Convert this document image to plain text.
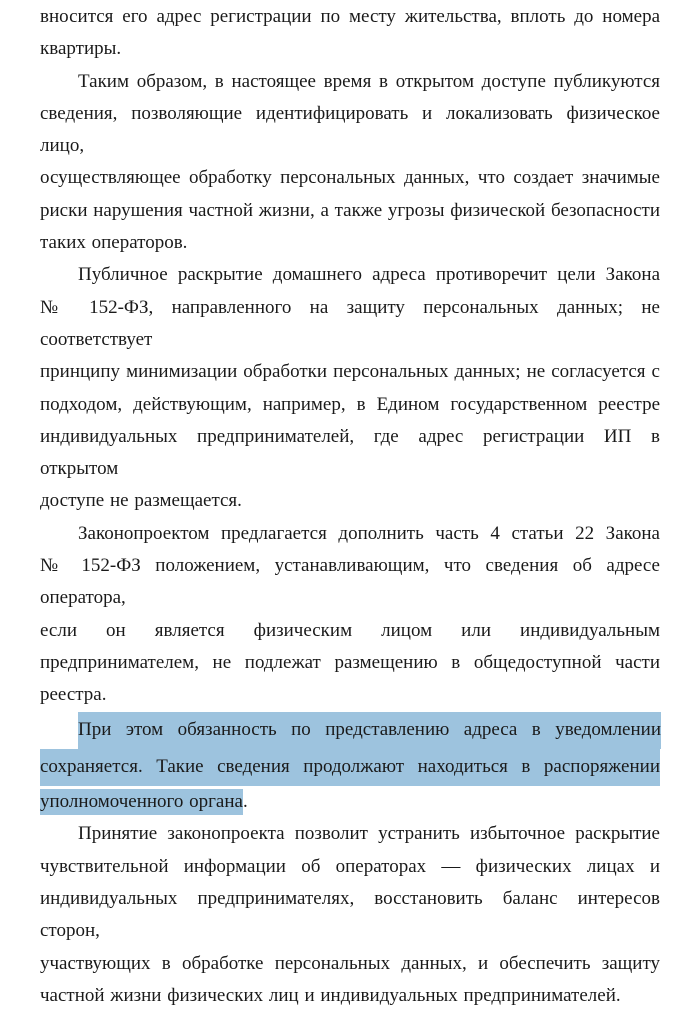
вносится его адрес регистрации по месту жительства, вплоть до номера
квартиры.
Таким образом, в настоящее время в открытом доступе публикуются
сведения, позволяющие идентифицировать и локализовать физическое лицо,
осуществляющее обработку персональных данных, что создает значимые
риски нарушения частной жизни, а также угрозы физической безопасности
таких операторов.
Публичное раскрытие домашнего адреса противоречит цели Закона
№ 152-ФЗ, направленного на защиту персональных данных; не соответствует
принципу минимизации обработки персональных данных; не согласуется с
подходом, действующим, например, в Едином государственном реестре
индивидуальных предпринимателей, где адрес регистрации ИП в открытом
доступе не размещается.
Законопроектом предлагается дополнить часть 4 статьи 22 Закона
№ 152-ФЗ положением, устанавливающим, что сведения об адресе оператора,
если он является физическим лицом или индивидуальным
предпринимателем, не подлежат размещению в общедоступной части
реестра.
При этом обязанность по представлению адреса в уведомлении
сохраняется. Такие сведения продолжают находиться в распоряжении
уполномоченного органа.
Принятие законопроекта позволит устранить избыточное раскрытие
чувствительной информации об операторах — физических лицах и
индивидуальных предпринимателях, восстановить баланс интересов сторон,
участвующих в обработке персональных данных, и обеспечить защиту
частной жизни физических лиц и индивидуальных предпринимателей.
